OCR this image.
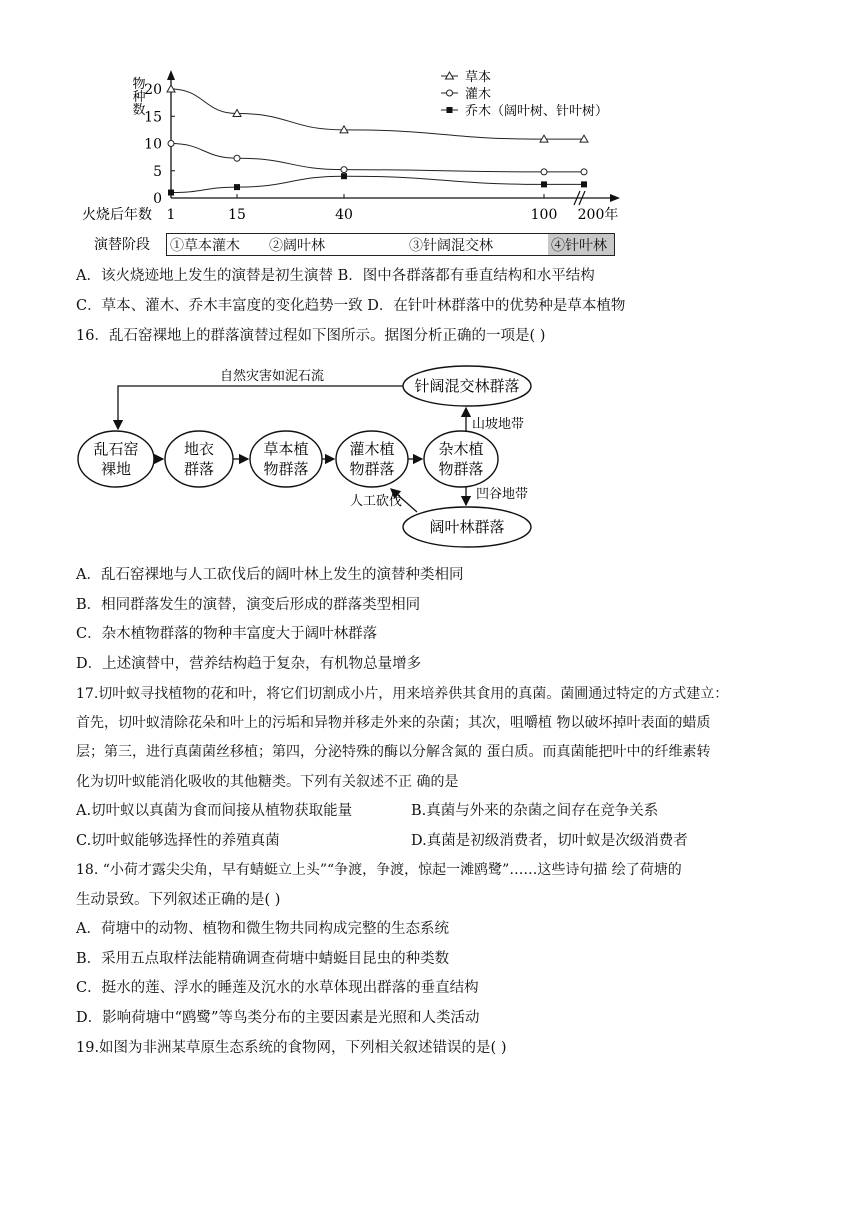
物种数
0
5
10
15
20
1	15	40	100 200年
火烧后年数
演替阶段
草本
灌木
乔木（阔叶树、针叶树）
①草本灌木 ②阔叶林	③针阔混交林	④针叶林
A．该火烧迹地上发生的演替是初生演替 B．图中各群落都有垂直结构和水平结构
C．草本、灌木、乔木丰富度的变化趋势一致 D．在针叶林群落中的优势种是草本植物
16．乱石窑裸地上的群落演替过程如下图所示。据图分析正确的一项是( )
乱石窑
裸地
地衣
群落
草本植
物群落
灌木植
物群落
杂木植
物群落
针阔混交林群落
阔叶林群落
自然灾害如泥石流
山坡地带
凹谷地带
人工砍伐
A．乱石窑裸地与人工砍伐后的阔叶林上发生的演替种类相同
B．相同群落发生的演替，演变后形成的群落类型相同
C．杂木植物群落的物种丰富度大于阔叶林群落
D．上述演替中，营养结构趋于复杂，有机物总量增多
17.切叶蚁寻找植物的花和叶，将它们切割成小片，用来培养供其食用的真菌。菌圃通过特定的方式建立：
首先，切叶蚁清除花朵和叶上的污垢和异物并移走外来的杂菌；其次，咀嚼植 物以破坏掉叶表面的蜡质
层；第三，进行真菌菌丝移植；第四，分泌特殊的酶以分解含氮的 蛋白质。而真菌能把叶中的纤维素转
化为切叶蚁能消化吸收的其他糖类。下列有关叙述不正 确的是
A.切叶蚁以真菌为食而间接从植物获取能量	B.真菌与外来的杂菌之间存在竞争关系
C.切叶蚁能够选择性的养殖真菌	D.真菌是初级消费者，切叶蚁是次级消费者
18. “小荷才露尖尖角，早有蜻蜓立上头”“争渡，争渡，惊起一滩鸥鹭”……这些诗句描 绘了荷塘的
生动景致。下列叙述正确的是( )
A．荷塘中的动物、植物和微生物共同构成完整的生态系统
B．采用五点取样法能精确调查荷塘中蜻蜓目昆虫的种类数
C．挺水的莲、浮水的睡莲及沉水的水草体现出群落的垂直结构
D．影响荷塘中“鸥鹭”等鸟类分布的主要因素是光照和人类活动
19.如图为非洲某草原生态系统的食物网，下列相关叙述错误的是( )
